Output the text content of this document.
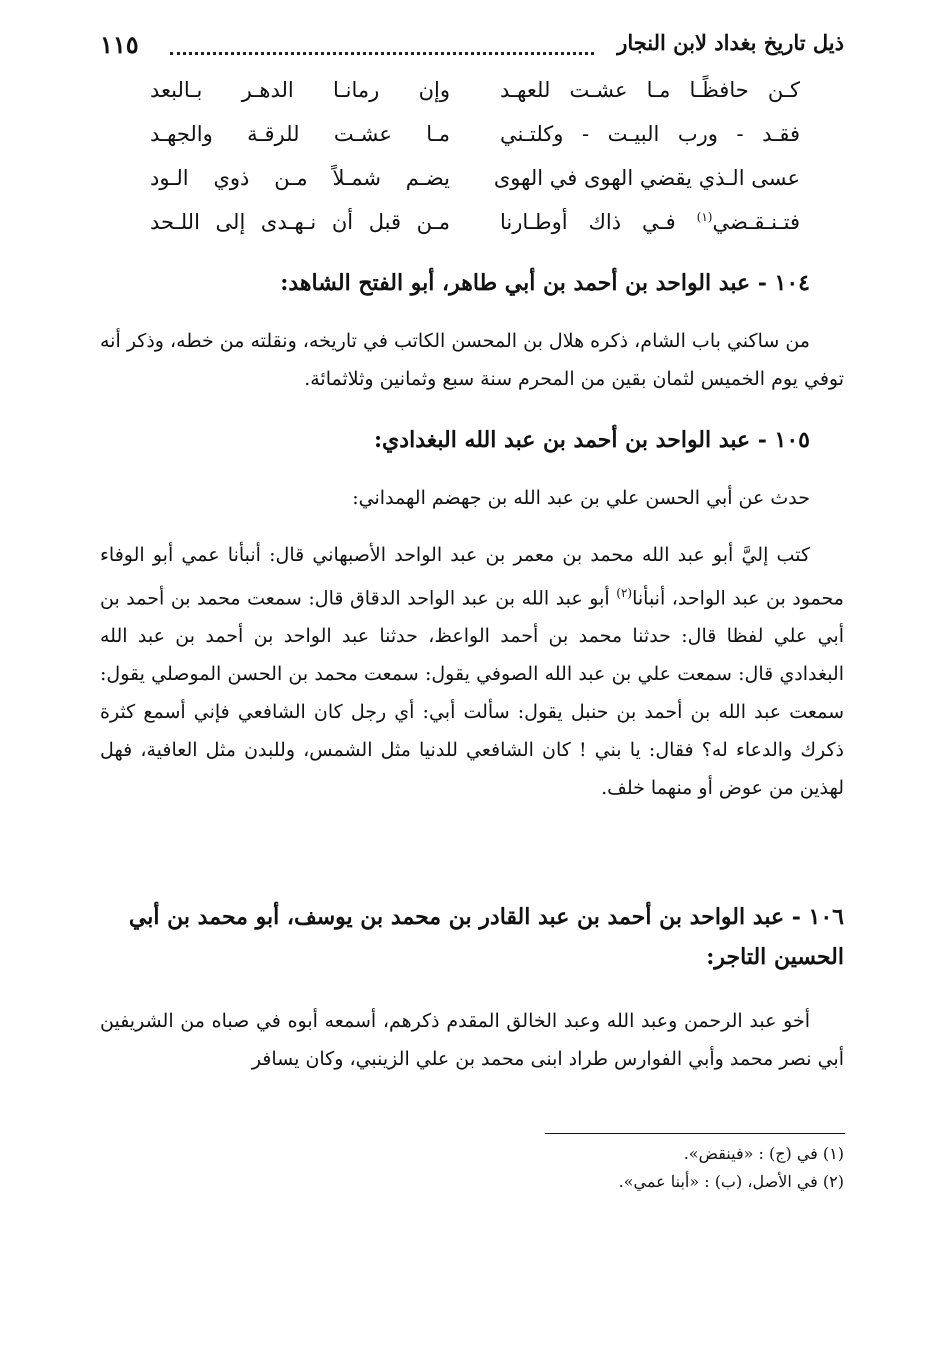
ذيل تاريخ بغداد لابن النجار
١١٥
كـن حافظًـا مـا عشـت للعهـد
وإن رمانـا الدهـر بـالبعد
فقـد - ورب البيـت - وكلتـني
مـا عشـت للرقـة والجهـد
عسى الـذي يقضي الهوى في الهوى
يضـم شمـلاً مـن ذوي الـود
فتـنـقـضي$^{(١)}$ فـي ذاك أوطـارنا
مـن قبل أن نـهـدى إلى اللـحد
١٠٤ - عبد الواحد بن أحمد بن أبي طاهر، أبو الفتح الشاهد:
من ساكني باب الشام، ذكره هلال بن المحسن الكاتب في تاريخه، ونقلته من خطه، وذكر أنه توفي يوم الخميس لثمان بقين من المحرم سنة سبع وثمانين وثلاثمائة.
١٠٥ - عبد الواحد بن أحمد بن عبد الله البغدادي:
حدث عن أبي الحسن علي بن عبد الله بن جهضم الهمداني:
كتب إليَّ أبو عبد الله محمد بن معمر بن عبد الواحد الأصبهاني قال: أنبأنا عمي أبو الوفاء محمود بن عبد الواحد، أنبأنا$^{(٢)}$ أبو عبد الله بن عبد الواحد الدقاق قال: سمعت محمد بن أحمد بن أبي علي لفظا قال: حدثنا محمد بن أحمد الواعظ، حدثنا عبد الواحد بن أحمد بن عبد الله البغدادي قال: سمعت علي بن عبد الله الصوفي يقول: سمعت محمد بن الحسن الموصلي يقول: سمعت عبد الله بن أحمد بن حنبل يقول: سألت أبي: أي رجل كان الشافعي فإني أسمع كثرة ذكرك والدعاء له؟ فقال: يا بني ! كان الشافعي للدنيا مثل الشمس، وللبدن مثل العافية، فهل لهذين من عوض أو منهما خلف.
١٠٦ - عبد الواحد بن أحمد بن عبد القادر بن محمد بن يوسف، أبو محمد بن أبي الحسين التاجر:
أخو عبد الرحمن وعبد الله وعبد الخالق المقدم ذكرهم، أسمعه أبوه في صباه من الشريفين أبي نصر محمد وأبي الفوارس طراد ابنى محمد بن علي الزينبي، وكان يسافر
(١) في (ج) : «فينقض».
(٢) في الأصل، (ب) : «أبنا عمي».
